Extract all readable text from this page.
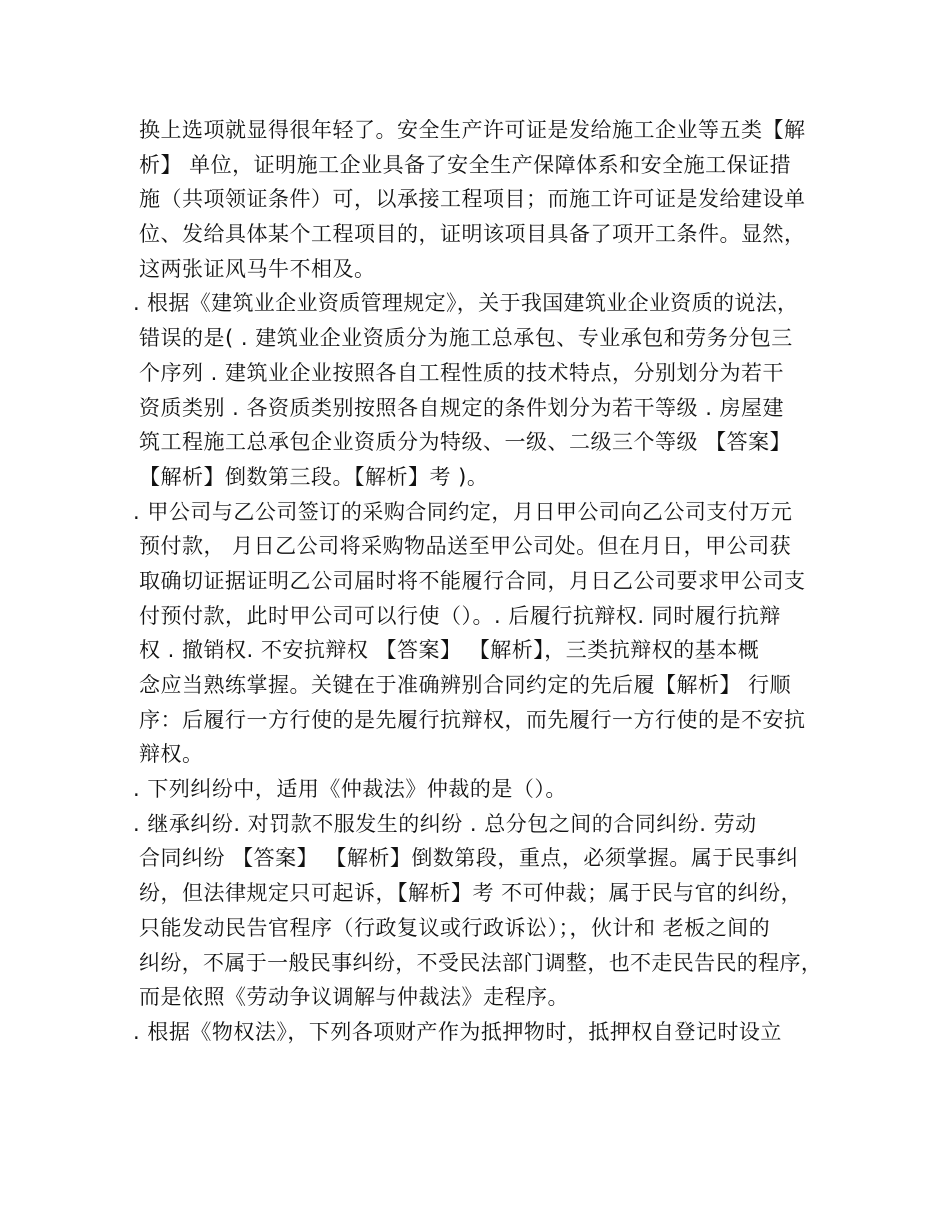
换上选项就显得很年轻了。安全生产许可证是发给施工企业等五类【解
析】 单位，证明施工企业具备了安全生产保障体系和安全施工保证措
施（共项领证条件）可，以承接工程项目；而施工许可证是发给建设单
位、发给具体某个工程项目的，证明该项目具备了项开工条件。显然，
这两张证风马牛不相及。
. 根据《建筑业企业资质管理规定》，关于我国建筑业企业资质的说法，
错误的是( . 建筑业企业资质分为施工总承包、专业承包和劳务分包三
个序列 . 建筑业企业按照各自工程性质的技术特点，分别划分为若干
资质类别 . 各资质类别按照各自规定的条件划分为若干等级 . 房屋建
筑工程施工总承包企业资质分为特级、一级、二级三个等级 【答案】
【解析】倒数第三段。【解析】考 )。
. 甲公司与乙公司签订的采购合同约定，月日甲公司向乙公司支付万元
预付款， 月日乙公司将采购物品送至甲公司处。但在月日，甲公司获
取确切证据证明乙公司届时将不能履行合同，月日乙公司要求甲公司支
付预付款，此时甲公司可以行使（）。. 后履行抗辩权. 同时履行抗辩
权 . 撤销权. 不安抗辩权 【答案】 【解析】，三类抗辩权的基本概
念应当熟练掌握。关键在于准确辨别合同约定的先后履【解析】 行顺
序：后履行一方行使的是先履行抗辩权，而先履行一方行使的是不安抗
辩权。
. 下列纠纷中，适用《仲裁法》仲裁的是（）。
. 继承纠纷. 对罚款不服发生的纠纷 . 总分包之间的合同纠纷. 劳动
合同纠纷 【答案】 【解析】倒数第段，重点，必须掌握。属于民事纠
纷，但法律规定只可起诉，【解析】考 不可仲裁；属于民与官的纠纷，
只能发动民告官程序（行政复议或行政诉讼）；，伙计和 老板之间的
纠纷，不属于一般民事纠纷，不受民法部门调整，也不走民告民的程序，
而是依照《劳动争议调解与仲裁法》走程序。
. 根据《物权法》，下列各项财产作为抵押物时，抵押权自登记时设立
